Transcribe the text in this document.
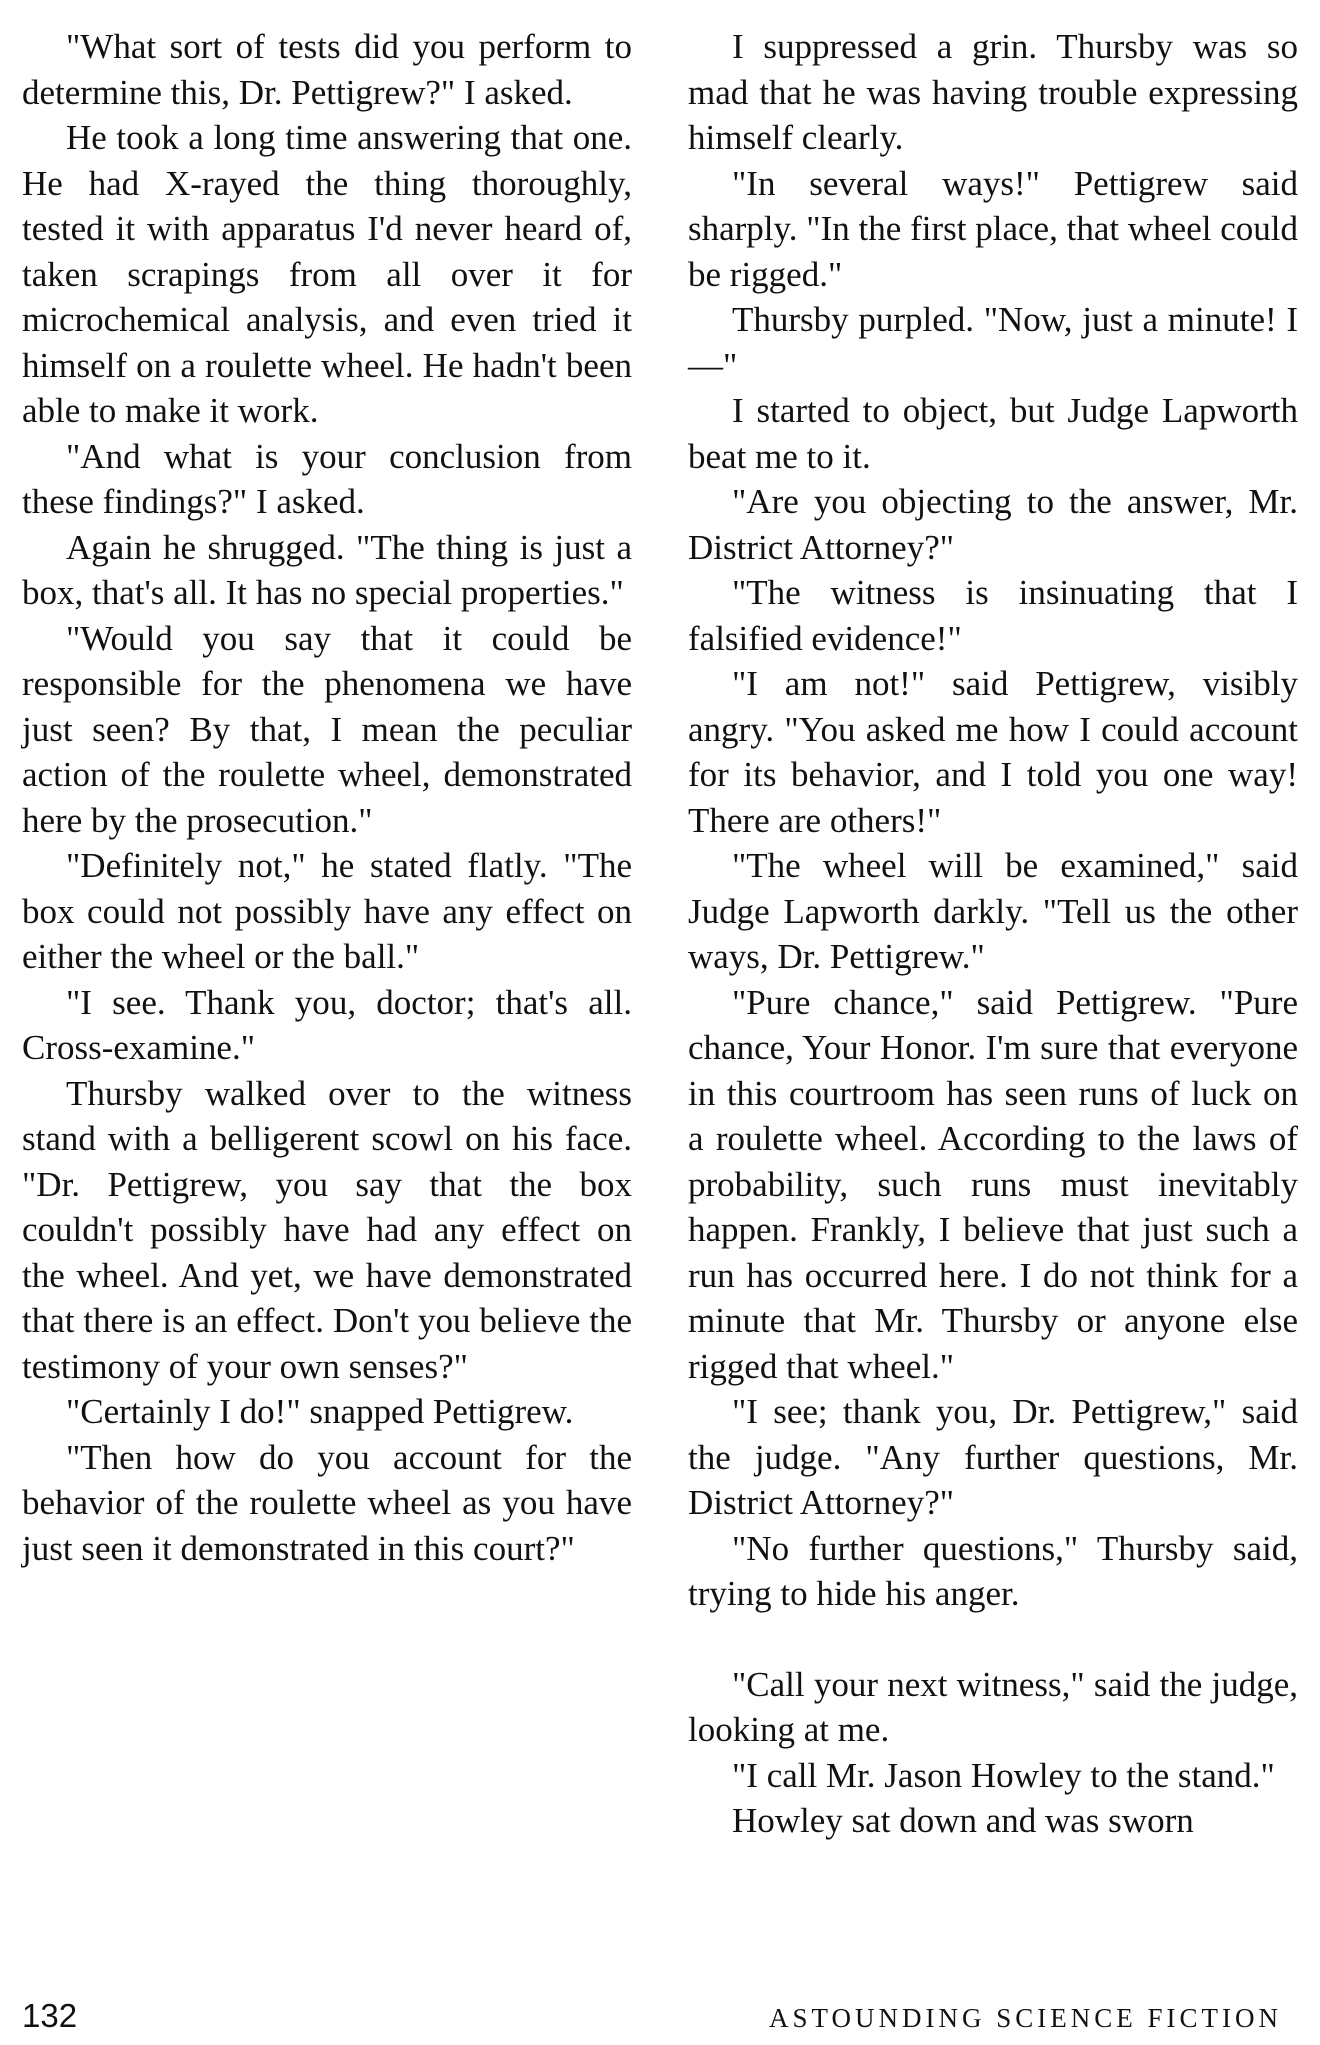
"What sort of tests did you perform to determine this, Dr. Pettigrew?" I asked.

He took a long time answering that one. He had X-rayed the thing thoroughly, tested it with apparatus I'd never heard of, taken scrapings from all over it for microchemical analysis, and even tried it himself on a roulette wheel. He hadn't been able to make it work.

"And what is your conclusion from these findings?" I asked.

Again he shrugged. "The thing is just a box, that's all. It has no special properties."

"Would you say that it could be responsible for the phenomena we have just seen? By that, I mean the peculiar action of the roulette wheel, demonstrated here by the prosecution."

"Definitely not," he stated flatly. "The box could not possibly have any effect on either the wheel or the ball."

"I see. Thank you, doctor; that's all. Cross-examine."

Thursby walked over to the witness stand with a belligerent scowl on his face. "Dr. Pettigrew, you say that the box couldn't possibly have had any effect on the wheel. And yet, we have demonstrated that there is an effect. Don't you believe the testimony of your own senses?"

"Certainly I do!" snapped Pettigrew.

"Then how do you account for the behavior of the roulette wheel as you have just seen it demonstrated in this court?"

I suppressed a grin. Thursby was so mad that he was having trouble expressing himself clearly.

"In several ways!" Pettigrew said sharply. "In the first place, that wheel could be rigged."

Thursby purpled. "Now, just a minute! I—"

I started to object, but Judge Lapworth beat me to it.

"Are you objecting to the answer, Mr. District Attorney?"

"The witness is insinuating that I falsified evidence!"

"I am not!" said Pettigrew, visibly angry. "You asked me how I could account for its behavior, and I told you one way! There are others!"

"The wheel will be examined," said Judge Lapworth darkly. "Tell us the other ways, Dr. Pettigrew."

"Pure chance," said Pettigrew. "Pure chance, Your Honor. I'm sure that everyone in this courtroom has seen runs of luck on a roulette wheel. According to the laws of probability, such runs must inevitably happen. Frankly, I believe that just such a run has occurred here. I do not think for a minute that Mr. Thursby or anyone else rigged that wheel."

"I see; thank you, Dr. Pettigrew," said the judge. "Any further questions, Mr. District Attorney?"

"No further questions," Thursby said, trying to hide his anger.

"Call your next witness," said the judge, looking at me.

"I call Mr. Jason Howley to the stand."

Howley sat down and was sworn

132	ASTOUNDING SCIENCE FICTION
